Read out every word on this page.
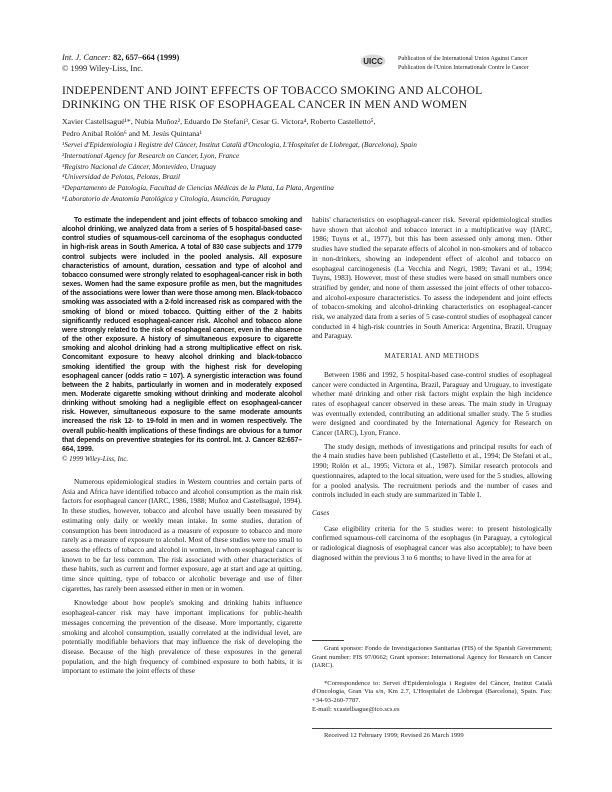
Int. J. Cancer: 82, 657–664 (1999)
© 1999 Wiley-Liss, Inc.
UICC	Publication of the International Union Against Cancer
Publication de l'Union Internationale Contre le Cancer
INDEPENDENT AND JOINT EFFECTS OF TOBACCO SMOKING AND ALCOHOL
DRINKING ON THE RISK OF ESOPHAGEAL CANCER IN MEN AND WOMEN
Xavier Castellsagué¹*, Nubia Muñoz², Eduardo De Stefani³, Cesar G. Victora⁴, Roberto Castelletto⁵,
Pedro Anibal Rolón⁶ and M. Jesús Quintana¹
¹Servei d'Epidemiologia i Registre del Càncer, Institut Català d'Oncologia, L'Hospitalet de Llobregat, (Barcelona), Spain
²International Agency for Research on Cancer, Lyon, France
³Registro Nacional de Cáncer, Montevideo, Uruguay
⁴Universidad de Pelotas, Pelotas, Brazil
⁵Departamento de Patología, Facultad de Ciencias Médicas de la Plata, La Plata, Argentina
⁶Laboratorio de Anatomía Patológica y Citología, Asunción, Paraguay
To estimate the independent and joint effects of tobacco smoking and alcohol drinking, we analyzed data from a series of 5 hospital-based case-control studies of squamous-cell carcinoma of the esophagus conducted in high-risk areas in South America. A total of 830 case subjects and 1779 control subjects were included in the pooled analysis. All exposure characteristics of amount, duration, cessation and type of alcohol and tobacco consumed were strongly related to esophageal-cancer risk in both sexes. Women had the same exposure profile as men, but the magnitudes of the associations were lower than were those among men. Black-tobacco smoking was associated with a 2-fold increased risk as compared with the smoking of blond or mixed tobacco. Quitting either of the 2 habits significantly reduced esophageal-cancer risk. Alcohol and tobacco alone were strongly related to the risk of esophageal cancer, even in the absence of the other exposure. A history of simultaneous exposure to cigarette smoking and alcohol drinking had a strong multiplicative effect on risk. Concomitant exposure to heavy alcohol drinking and black-tobacco smoking identified the group with the highest risk for developing esophageal cancer (odds ratio = 107). A synergistic interaction was found between the 2 habits, particularly in women and in moderately exposed men. Moderate cigarette smoking without drinking and moderate alcohol drinking without smoking had a negligible effect on esophageal-cancer risk. However, simultaneous exposure to the same moderate amounts increased the risk 12- to 19-fold in men and in women respectively. The overall public-health implications of these findings are obvious for a tumor that depends on preventive strategies for its control. Int. J. Cancer 82:657–664, 1999.
© 1999 Wiley-Liss, Inc.

Numerous epidemiological studies in Western countries and certain parts of Asia and Africa have identified tobacco and alcohol consumption as the main risk factors for esophageal cancer (IARC, 1986, 1988; Muñoz and Castellsagué, 1994). In these studies, however, tobacco and alcohol have usually been measured by estimating only daily or weekly mean intake. In some studies, duration of consumption has been introduced as a measure of exposure to tobacco and more rarely as a measure of exposure to alcohol. Most of these studies were too small to assess the effects of tobacco and alcohol in women, in whom esophageal cancer is known to be far less common. The risk associated with other characteristics of these habits, such as current and former exposure, age at start and age at quitting, time since quitting, type of tobacco or alcoholic beverage and use of filter cigarettes, has rarely been assessed either in men or in women.

Knowledge about how people's smoking and drinking habits influence esophageal-cancer risk may have important implications for public-health messages concerning the prevention of the disease. More importantly, cigarette smoking and alcohol consumption, usually correlated at the individual level, are potentially modifiable behaviors that may influence the risk of developing the disease. Because of the high prevalence of these exposures in the general population, and the high frequency of combined exposure to both habits, it is important to estimate the joint effects of these

habits' characteristics on esophageal-cancer risk. Several epidemiological studies have shown that alcohol and tobacco interact in a multiplicative way (IARC, 1986; Tuyns et al., 1977), but this has been assessed only among men. Other studies have studied the separate effects of alcohol in non-smokers and of tobacco in non-drinkers, showing an independent effect of alcohol and tobacco on esophageal carcinogenesis (La Vecchia and Negri, 1989; Tavani et al., 1994; Tuyns, 1983). However, most of these studies were based on small numbers once stratified by gender, and none of them assessed the joint effects of other tobacco- and alcohol-exposure characteristics. To assess the independent and joint effects of tobacco-smoking and alcohol-drinking characteristics on esophageal-cancer risk, we analyzed data from a series of 5 case-control studies of esophageal cancer conducted in 4 high-risk countries in South America: Argentina, Brazil, Uruguay and Paraguay.

MATERIAL AND METHODS

Between 1986 and 1992, 5 hospital-based case-control studies of esophageal cancer were conducted in Argentina, Brazil, Paraguay and Uruguay, to investigate whether maté drinking and other risk factors might explain the high incidence rates of esophageal cancer observed in these areas. The main study in Uruguay was eventually extended, contributing an additional smaller study. The 5 studies were designed and coordinated by the International Agency for Research on Cancer (IARC), Lyon, France.

The study design, methods of investigations and principal results for each of the 4 main studies have been published (Castelletto et al., 1994; De Stefani et al., 1990; Rolón et al., 1995; Victora et al., 1987). Similar research protocols and questionnaires, adapted to the local situation, were used for the 5 studies, allowing for a pooled analysis. The recruitment periods and the number of cases and controls included in each study are summarized in Table I.

Cases

Case eligibility criteria for the 5 studies were: to present histologically confirmed squamous-cell carcinoma of the esophagus (in Paraguay, a cytological or radiological diagnosis of esophageal cancer was also acceptable); to have been diagnosed within the previous 3 to 6 months; to have lived in the area for at

Grant sponsor: Fondo de Investigaciones Sanitarias (FIS) of the Spanish Government; Grant number: FIS 97/0662; Grant sponsor: International Agency for Research on Cancer (IARC).

*Correspondence to: Servei d'Epidemiologia i Registre del Càncer, Institut Català d'Oncologia, Gran Via s/n, Km 2.7, L'Hospitalet de Llobregat (Barcelona), Spain. Fax: +34-93-260-7787.

E-mail: xcastellsague@ico.scs.es
Received 12 February 1999; Revised 26 March 1999
